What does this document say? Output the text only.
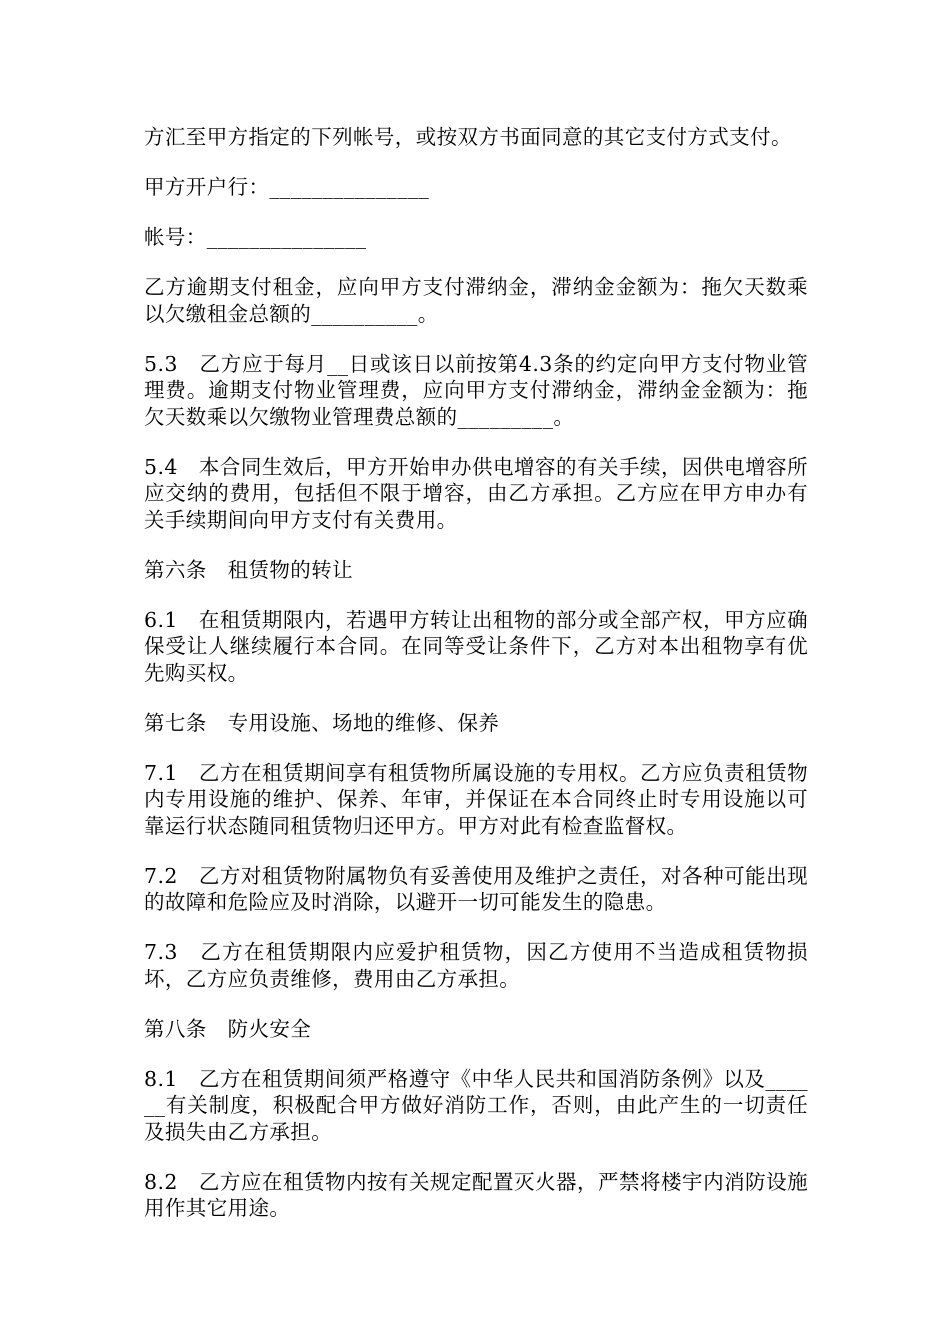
方汇至甲方指定的下列帐号，或按双方书面同意的其它支付方式支付。

甲方开户行：_______________

帐号：_______________

乙方逾期支付租金，应向甲方支付滞纳金，滞纳金金额为：拖欠天数乘以欠缴租金总额的__________。

5.3　乙方应于每月__日或该日以前按第4.3条的约定向甲方支付物业管理费。逾期支付物业管理费，应向甲方支付滞纳金，滞纳金金额为：拖欠天数乘以欠缴物业管理费总额的_________。

5.4　本合同生效后，甲方开始申办供电增容的有关手续，因供电增容所应交纳的费用，包括但不限于增容，由乙方承担。乙方应在甲方申办有关手续期间向甲方支付有关费用。

第六条　租赁物的转让

6.1　在租赁期限内，若遇甲方转让出租物的部分或全部产权，甲方应确保受让人继续履行本合同。在同等受让条件下，乙方对本出租物享有优先购买权。

第七条　专用设施、场地的维修、保养

7.1　乙方在租赁期间享有租赁物所属设施的专用权。乙方应负责租赁物内专用设施的维护、保养、年审，并保证在本合同终止时专用设施以可靠运行状态随同租赁物归还甲方。甲方对此有检查监督权。

7.2　乙方对租赁物附属物负有妥善使用及维护之责任，对各种可能出现的故障和危险应及时消除，以避开一切可能发生的隐患。

7.3　乙方在租赁期限内应爱护租赁物，因乙方使用不当造成租赁物损坏，乙方应负责维修，费用由乙方承担。

第八条　防火安全

8.1　乙方在租赁期间须严格遵守《中华人民共和国消防条例》以及______有关制度，积极配合甲方做好消防工作，否则，由此产生的一切责任及损失由乙方承担。

8.2　乙方应在租赁物内按有关规定配置灭火器，严禁将楼宇内消防设施用作其它用途。
